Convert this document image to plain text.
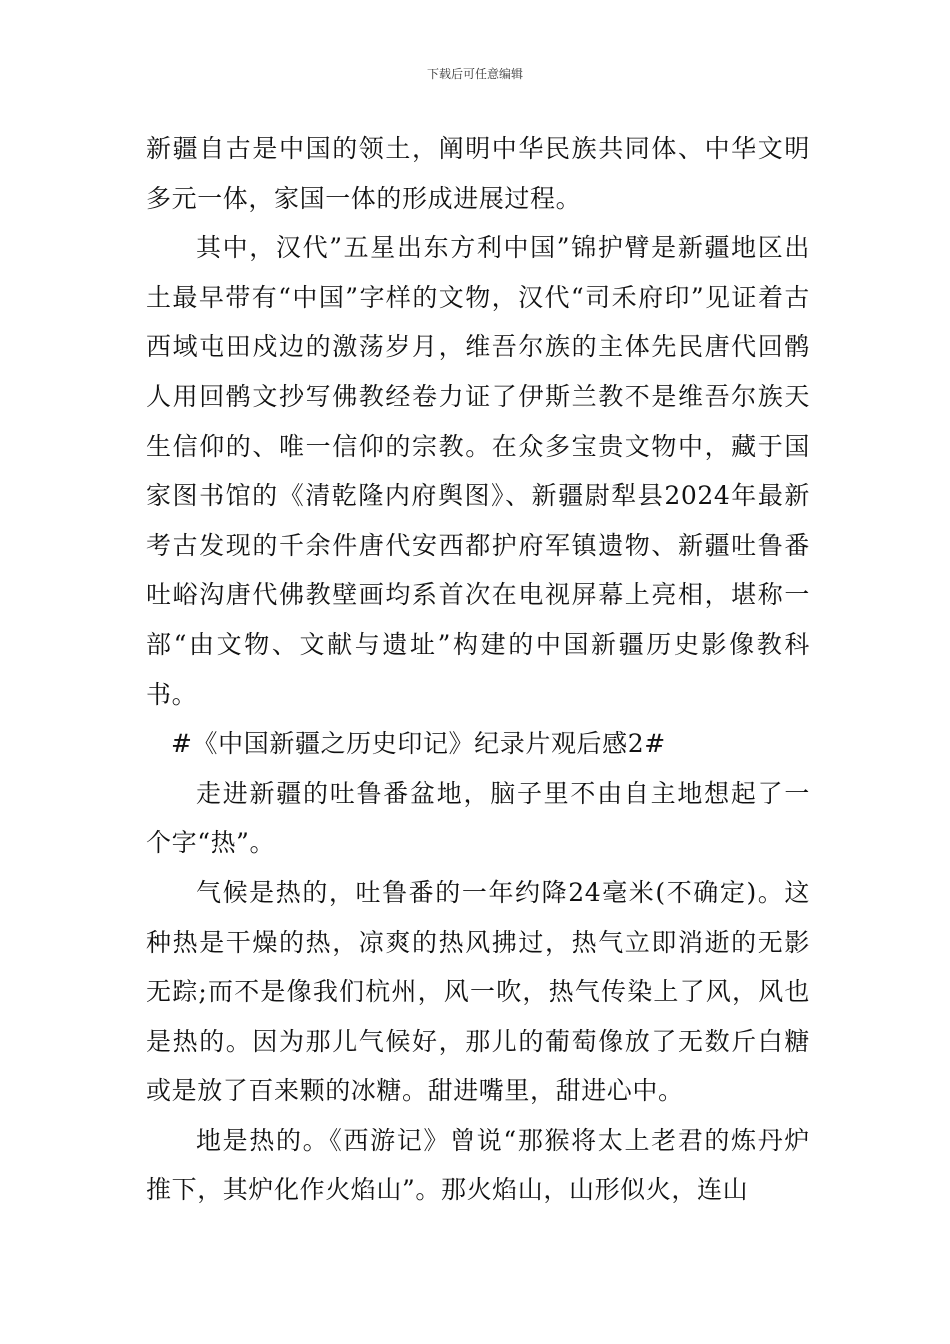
下载后可任意编辑

新疆自古是中国的领土，阐明中华民族共同体、中华文明多元一体，家国一体的形成进展过程。

其中，汉代”五星出东方利中国”锦护臂是新疆地区出土最早带有“中国”字样的文物，汉代“司禾府印”见证着古西域屯田戍边的激荡岁月，维吾尔族的主体先民唐代回鹘人用回鹘文抄写佛教经卷力证了伊斯兰教不是维吾尔族天生信仰的、唯一信仰的宗教。在众多宝贵文物中，藏于国家图书馆的《清乾隆内府舆图》、新疆尉犁县2024年最新考古发现的千余件唐代安西都护府军镇遗物、新疆吐鲁番吐峪沟唐代佛教壁画均系首次在电视屏幕上亮相，堪称一部“由文物、文献与遗址”构建的中国新疆历史影像教科书。

#《中国新疆之历史印记》纪录片观后感2#

走进新疆的吐鲁番盆地，脑子里不由自主地想起了一个字“热”。

气候是热的，吐鲁番的一年约降24毫米(不确定)。这种热是干燥的热，凉爽的热风拂过，热气立即消逝的无影无踪;而不是像我们杭州，风一吹，热气传染上了风，风也是热的。因为那儿气候好，那儿的葡萄像放了无数斤白糖或是放了百来颗的冰糖。甜进嘴里，甜进心中。

地是热的。《西游记》曾说“那猴将太上老君的炼丹炉推下，其炉化作火焰山”。那火焰山，山形似火，连山
